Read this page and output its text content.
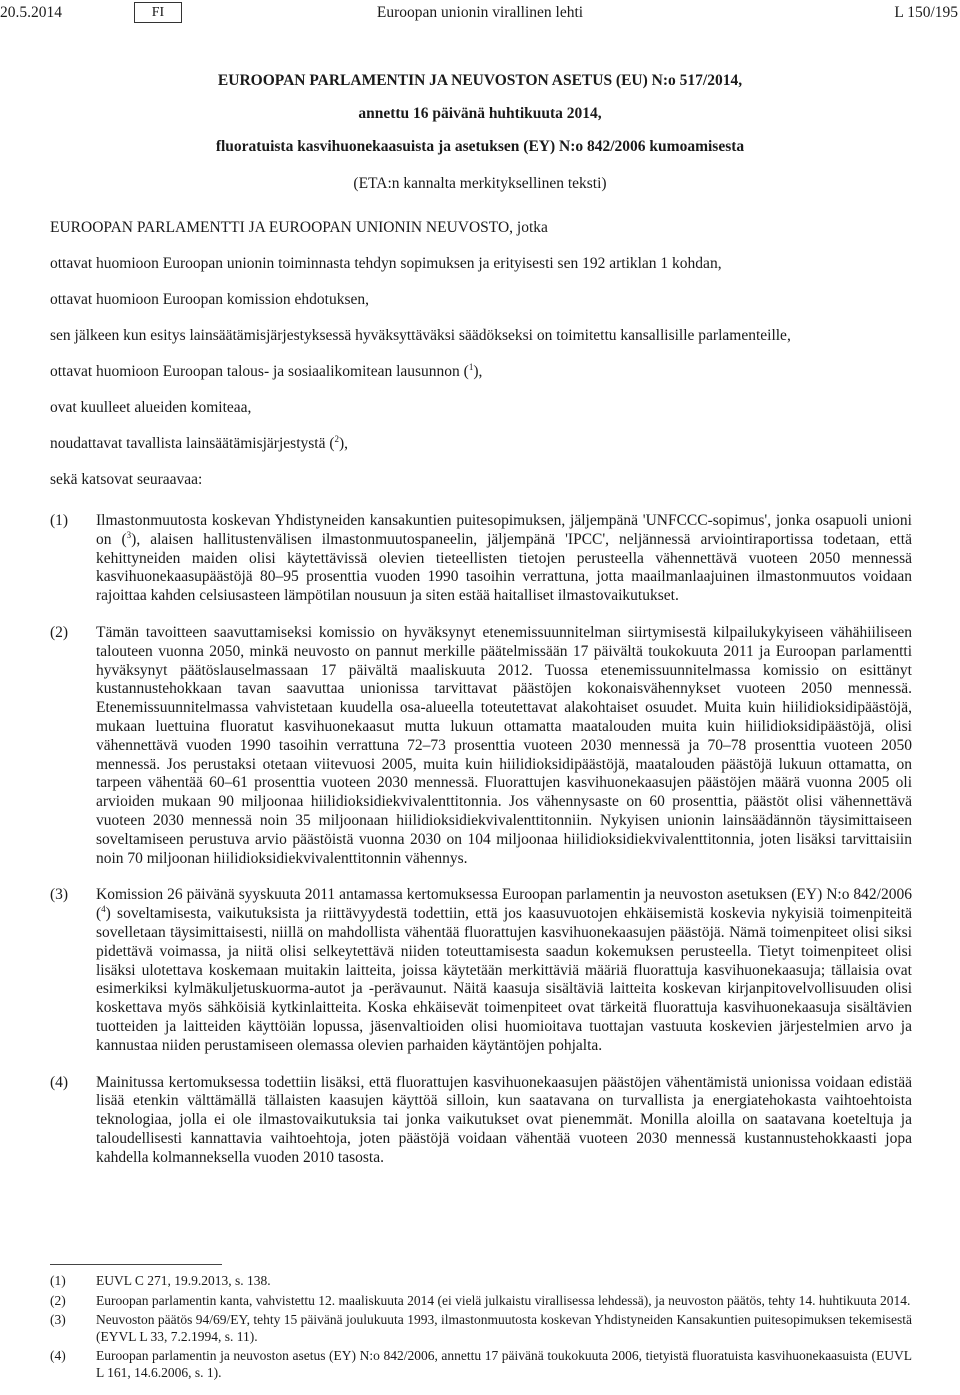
20.5.2014	FI	Euroopan unionin virallinen lehti	L 150/195
EUROOPAN PARLAMENTIN JA NEUVOSTON ASETUS (EU) N:o 517/2014,
annettu 16 päivänä huhtikuuta 2014,
fluoratuista kasvihuonekaasuista ja asetuksen (EY) N:o 842/2006 kumoamisesta
(ETA:n kannalta merkityksellinen teksti)

EUROOPAN PARLAMENTTI JA EUROOPAN UNIONIN NEUVOSTO, jotka

ottavat huomioon Euroopan unionin toiminnasta tehdyn sopimuksen ja erityisesti sen 192 artiklan 1 kohdan,

ottavat huomioon Euroopan komission ehdotuksen,

sen jälkeen kun esitys lainsäätämisjärjestyksessä hyväksyttäväksi säädökseksi on toimitettu kansallisille parlamenteille,

ottavat huomioon Euroopan talous- ja sosiaalikomitean lausunnon ($^1$),

ovat kuulleet alueiden komiteaa,

noudattavat tavallista lainsäätämisjärjestystä ($^2$),

sekä katsovat seuraavaa:

(1) Ilmastonmuutosta koskevan Yhdistyneiden kansakuntien puitesopimuksen, jäljempänä 'UNFCCC-sopimus', jonka osapuoli unioni on ($^3$), alaisen hallitustenvälisen ilmastonmuutospaneelin, jäljempänä 'IPCC', neljännessä arviointiraportissa todetaan, että kehittyneiden maiden olisi käytettävissä olevien tieteellisten tietojen perusteella vähennettävä vuoteen 2050 mennessä kasvihuonekaasupäästöjä 80–95 prosenttia vuoden 1990 tasoihin verrattuna, jotta maailmanlaajuinen ilmastonmuutos voidaan rajoittaa kahden celsiusasteen lämpötilan nousuun ja siten estää haitalliset ilmastovaikutukset.
(2) Tämän tavoitteen saavuttamiseksi komissio on hyväksynyt etenemissuunnitelman siirtymisestä kilpailukykyiseen vähähiiliseen talouteen vuonna 2050, minkä neuvosto on pannut merkille päätelmissään 17 päivältä toukokuuta 2011 ja Euroopan parlamentti hyväksynyt päätöslauselmassaan 17 päivältä maaliskuuta 2012. Tuossa etenemissuunnitelmassa komissio on esittänyt kustannustehokkaan tavan saavuttaa unionissa tarvittavat päästöjen kokonaisvähennykset vuoteen 2050 mennessä. Etenemissuunnitelmassa vahvistetaan kuudella osa-alueella toteutettavat alakohtaiset osuudet. Muita kuin hiilidioksidipäästöjä, mukaan luettuina fluoratut kasvihuonekaasut mutta lukuun ottamatta maatalouden muita kuin hiilidioksidipäästöjä, olisi vähennettävä vuoden 1990 tasoihin verrattuna 72–73 prosenttia vuoteen 2030 mennessä ja 70–78 prosenttia vuoteen 2050 mennessä. Jos perustaksi otetaan viitevuosi 2005, muita kuin hiilidioksidipäästöjä, maatalouden päästöjä lukuun ottamatta, on tarpeen vähentää 60–61 prosenttia vuoteen 2030 mennessä. Fluorattujen kasvihuonekaasujen päästöjen määrä vuonna 2005 oli arvioiden mukaan 90 miljoonaa hiilidioksidiekvivalenttitonnia. Jos vähennysaste on 60 prosenttia, päästöt olisi vähennettävä vuoteen 2030 mennessä noin 35 miljoonaan hiilidioksidiekvivalenttitonniin. Nykyisen unionin lainsäädännön täysimittaiseen soveltamiseen perustuva arvio päästöistä vuonna 2030 on 104 miljoonaa hiilidioksidiekvivalenttitonnia, joten lisäksi tarvittaisiin noin 70 miljoonan hiilidioksidiekvivalenttitonnin vähennys.
(3) Komission 26 päivänä syyskuuta 2011 antamassa kertomuksessa Euroopan parlamentin ja neuvoston asetuksen (EY) N:o 842/2006 ($^4$) soveltamisesta, vaikutuksista ja riittävyydestä todettiin, että jos kaasuvuotojen ehkäisemistä koskevia nykyisiä toimenpiteitä sovelletaan täysimittaisesti, niillä on mahdollista vähentää fluorattujen kasvihuonekaasujen päästöjä. Nämä toimenpiteet olisi siksi pidettävä voimassa, ja niitä olisi selkeytettävä niiden toteuttamisesta saadun kokemuksen perusteella. Tietyt toimenpiteet olisi lisäksi ulotettava koskemaan muitakin laitteita, joissa käytetään merkittäviä määriä fluorattuja kasvihuonekaasuja; tällaisia ovat esimerkiksi kylmäkuljetuskuorma-autot ja -perävaunut. Näitä kaasuja sisältäviä laitteita koskevan kirjanpitovelvollisuuden olisi koskettava myös sähköisiä kytkinlaitteita. Koska ehkäisevät toimenpiteet ovat tärkeitä fluorattuja kasvihuonekaasuja sisältävien tuotteiden ja laitteiden käyttöiän lopussa, jäsenvaltioiden olisi huomioitava tuottajan vastuuta koskevien järjestelmien arvo ja kannustaa niiden perustamiseen olemassa olevien parhaiden käytäntöjen pohjalta.
(4) Mainitussa kertomuksessa todettiin lisäksi, että fluorattujen kasvihuonekaasujen päästöjen vähentämistä unionissa voidaan edistää lisää etenkin välttämällä tällaisten kaasujen käyttöä silloin, kun saatavana on turvallista ja energiatehokasta vaihtoehtoista teknologiaa, jolla ei ole ilmastovaikutuksia tai jonka vaikutukset ovat pienemmät. Monilla aloilla on saatavana koeteltuja ja taloudellisesti kannattavia vaihtoehtoja, joten päästöjä voidaan vähentää vuoteen 2030 mennessä kustannustehokkaasti jopa kahdella kolmanneksella vuoden 2010 tasosta.
(1) EUVL C 271, 19.9.2013, s. 138.
(2) Euroopan parlamentin kanta, vahvistettu 12. maaliskuuta 2014 (ei vielä julkaistu virallisessa lehdessä), ja neuvoston päätös, tehty 14. huhtikuuta 2014.
(3) Neuvoston päätös 94/69/EY, tehty 15 päivänä joulukuuta 1993, ilmastonmuutosta koskevan Yhdistyneiden Kansakuntien puitesopimuksen tekemisestä (EYVL L 33, 7.2.1994, s. 11).
(4) Euroopan parlamentin ja neuvoston asetus (EY) N:o 842/2006, annettu 17 päivänä toukokuuta 2006, tietyistä fluoratuista kasvihuonekaasuista (EUVL L 161, 14.6.2006, s. 1).
